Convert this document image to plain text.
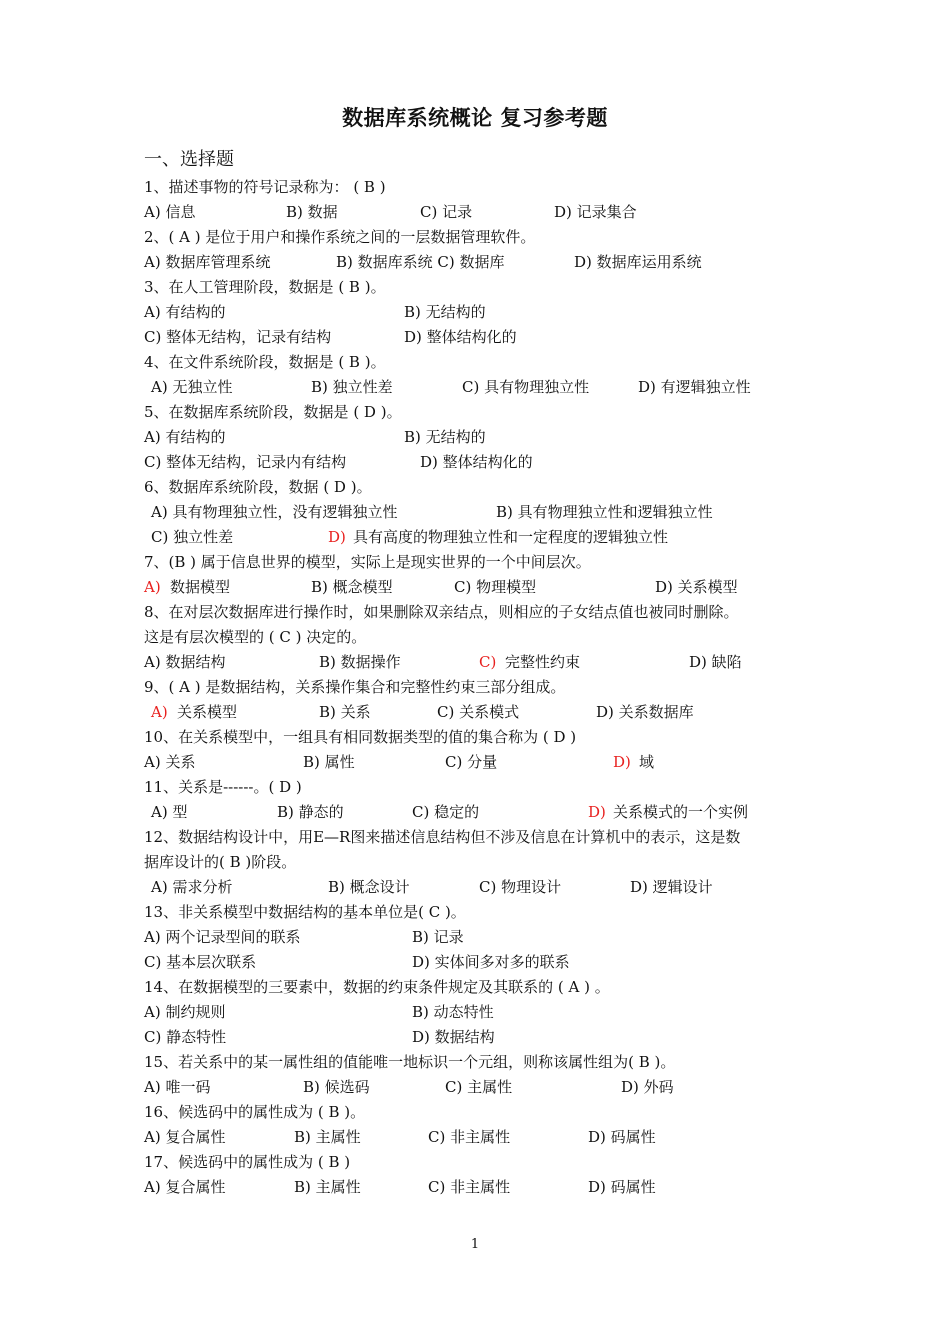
数据库系统概论 复习参考题
一、选择题
1、描述事物的符号记录称为： ( B )
A) 信息	B) 数据	C) 记录	D) 记录集合
2、( A ) 是位于用户和操作系统之间的一层数据管理软件。
A) 数据库管理系统	B) 数据库系统 C) 数据库	D) 数据库运用系统
3、在人工管理阶段，数据是 ( B )。
A) 有结构的	B) 无结构的
C) 整体无结构，记录有结构	D) 整体结构化的
4、在文件系统阶段，数据是 ( B )。
A) 无独立性	B) 独立性差	C) 具有物理独立性	D) 有逻辑独立性
5、在数据库系统阶段，数据是 ( D )。
A) 有结构的	B) 无结构的
C) 整体无结构，记录内有结构	D) 整体结构化的
6、数据库系统阶段，数据 ( D )。
A) 具有物理独立性，没有逻辑独立性	B) 具有物理独立性和逻辑独立性
C) 独立性差	D) 具有高度的物理独立性和一定程度的逻辑独立性
7、(B ) 属于信息世界的模型，实际上是现实世界的一个中间层次。
A) 数据模型	B) 概念模型	C) 物理模型	D) 关系模型
8、在对层次数据库进行操作时，如果删除双亲结点，则相应的子女结点值也被同时删除。
这是有层次模型的 ( C ) 决定的。
A) 数据结构	B) 数据操作	C) 完整性约束	D) 缺陷
9、( A ) 是数据结构，关系操作集合和完整性约束三部分组成。
A) 关系模型	B) 关系	C) 关系模式	D) 关系数据库
10、在关系模型中，一组具有相同数据类型的值的集合称为 ( D )
A) 关系	B) 属性	C) 分量	D) 域
11、关系是------。( D )
A) 型	B) 静态的	C) 稳定的	D) 关系模式的一个实例
12、数据结构设计中，用E—R图来描述信息结构但不涉及信息在计算机中的表示，这是数
据库设计的( B )阶段。
A) 需求分析	B) 概念设计	C) 物理设计	D) 逻辑设计
13、非关系模型中数据结构的基本单位是( C )。
A) 两个记录型间的联系	B) 记录
C) 基本层次联系	D) 实体间多对多的联系
14、在数据模型的三要素中，数据的约束条件规定及其联系的 ( A ) 。
A) 制约规则	B) 动态特性
C) 静态特性	D) 数据结构
15、若关系中的某一属性组的值能唯一地标识一个元组，则称该属性组为( B )。
A) 唯一码	B) 候选码	C) 主属性	D) 外码
16、候选码中的属性成为 ( B )。
A) 复合属性	B) 主属性	C) 非主属性	D) 码属性
17、候选码中的属性成为 ( B )
A) 复合属性	B) 主属性	C) 非主属性	D) 码属性
1
